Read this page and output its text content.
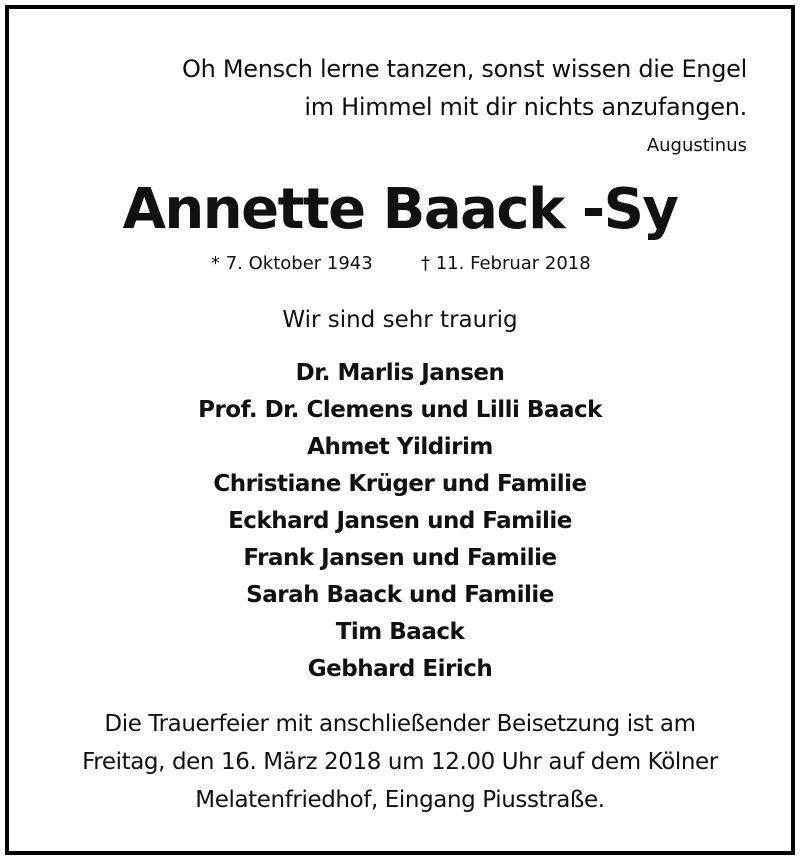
Oh Mensch lerne tanzen, sonst wissen die Engel
im Himmel mit dir nichts anzufangen.
Augustinus
Annette Baack -Sy
* 7. Oktober 1943	† 11. Februar 2018
Wir sind sehr traurig
Dr. Marlis Jansen
Prof. Dr. Clemens und Lilli Baack
Ahmet Yildirim
Christiane Krüger und Familie
Eckhard Jansen und Familie
Frank Jansen und Familie
Sarah Baack und Familie
Tim Baack
Gebhard Eirich
Die Trauerfeier mit anschließender Beisetzung ist am
Freitag, den 16. März 2018 um 12.00 Uhr auf dem Kölner
Melatenfriedhof, Eingang Piusstraße.
